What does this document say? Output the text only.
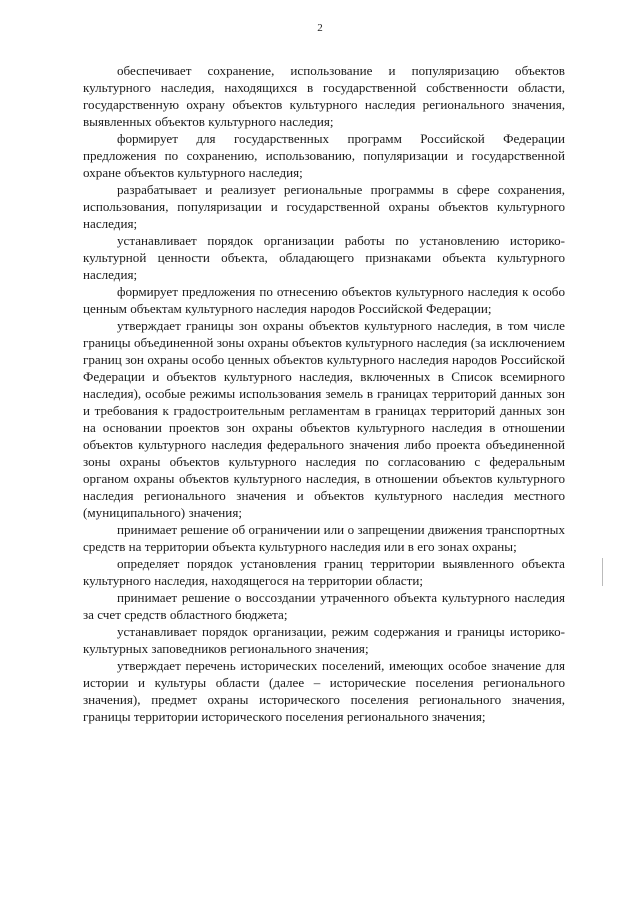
2

обеспечивает сохранение, использование и популяризацию объектов культурного наследия, находящихся в государственной собственности области, государственную охрану объектов культурного наследия регионального значения, выявленных объектов культурного наследия;

формирует для государственных программ Российской Федерации предложения по сохранению, использованию, популяризации и государственной охране объектов культурного наследия;

разрабатывает и реализует региональные программы в сфере сохранения, использования, популяризации и государственной охраны объектов культурного наследия;

устанавливает порядок организации работы по установлению историко-культурной ценности объекта, обладающего признаками объекта культурного наследия;

формирует предложения по отнесению объектов культурного наследия к особо ценным объектам культурного наследия народов Российской Федерации;

утверждает границы зон охраны объектов культурного наследия, в том числе границы объединенной зоны охраны объектов культурного наследия (за исключением границ зон охраны особо ценных объектов культурного наследия народов Российской Федерации и объектов культурного наследия, включенных в Список всемирного наследия), особые режимы использования земель в границах территорий данных зон и требования к градостроительным регламентам в границах территорий данных зон на основании проектов зон охраны объектов культурного наследия в отношении объектов культурного наследия федерального значения либо проекта объединенной зоны охраны объектов культурного наследия по согласованию с федеральным органом охраны объектов культурного наследия, в отношении объектов культурного наследия регионального значения и объектов культурного наследия местного (муниципального) значения;

принимает решение об ограничении или о запрещении движения транспортных средств на территории объекта культурного наследия или в его зонах охраны;

определяет порядок установления границ территории выявленного объекта культурного наследия, находящегося на территории области;

принимает решение о воссоздании утраченного объекта культурного наследия за счет средств областного бюджета;

устанавливает порядок организации, режим содержания и границы историко-культурных заповедников регионального значения;

утверждает перечень исторических поселений, имеющих особое значение для истории и культуры области (далее – исторические поселения регионального значения), предмет охраны исторического поселения регионального значения, границы территории исторического поселения регионального значения;
